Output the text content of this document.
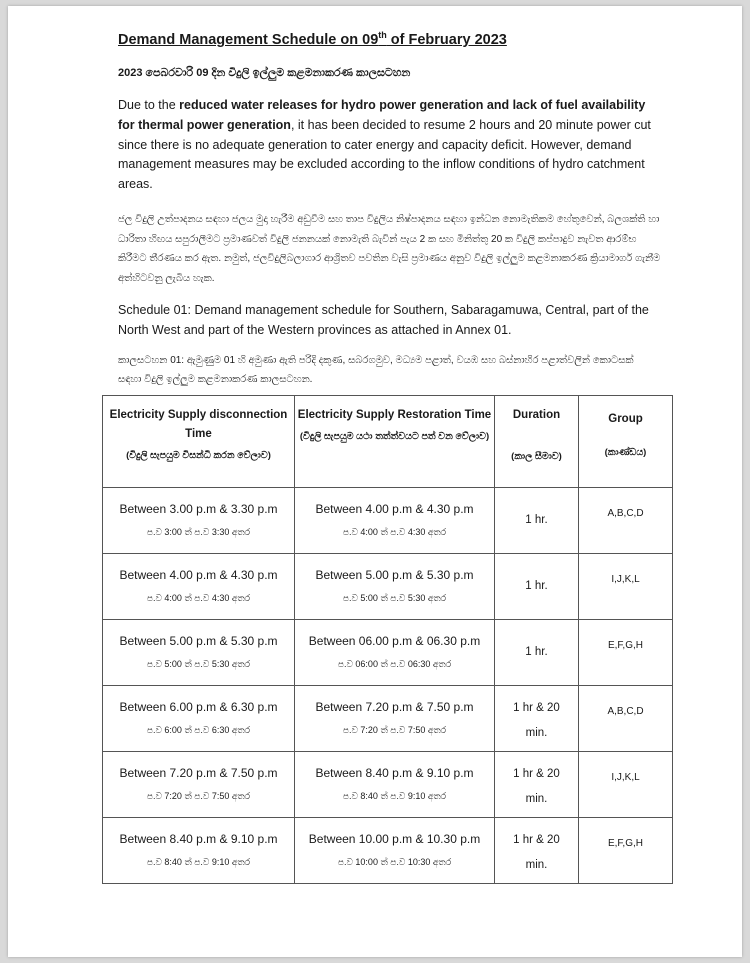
Demand Management Schedule on 09th of February 2023

2023 පෙබරවාරි 09 දින විදුලි ඉල්ලුම කළමනාකරණ කාලසටහන

Due to the reduced water releases for hydro power generation and lack of fuel availability for thermal power generation, it has been decided to resume 2 hours and 20 minute power cut since there is no adequate generation to cater energy and capacity deficit. However, demand management measures may be excluded according to the inflow conditions of hydro catchment areas.

ජල විදුලි උත්පාදනය සඳහා ජලය මුදා හැරීම අඩුවීම සහ තාප විදුලිය නිෂ්පාදනය සඳහා ඉන්ධන නොමැතිකම හේතුවෙන්, බලශක්ති හා ධාරිතා හිඟය සපුරාලීමට ප්‍රමාණවත් විදුලි ජනනයක් නොමැති බැවින් පැය 2 ක සහ මිනිත්තු 20 ක විදුලි කප්පාදුව නැවත ආරම්භ කිරීමට තීරණය කර ඇත. නමුත්, ජලවිදුලිබලාගාර ආශ්‍රිතව පවතින වැසි ප්‍රමාණය අනුව විදුලි ඉල්ලුම කළමනාකරණ ක්‍රියාමාර්ග ගැනීම අත්හිටවනු ලැබිය හැක.

Schedule 01: Demand management schedule for Southern, Sabaragamuwa, Central, part of the North West and part of the Western provinces as attached in Annex 01.

කාලසටහන 01: ඇමුණුම 01 හි අමුණා ඇති පරිදි දකුණ, සබරගමුව, මධ්‍යම පළාත්, වයඹ සහ බස්නාහිර පළාත්වලින් කොටසක් සඳහා විදුලි ඉල්ලුම කළමනාකරණ කාලසටහන.

Electricity Supply disconnection Time
(විදුලි සැපයුම විසන්ධි කරන වේලාව)	Electricity Supply Restoration Time
(විදුලි සැපයුම යථා තත්ත්වයට පත් වන වේලාව)	Duration
(කාල සීමාව)	Group
(කාණ්ඩය)

Between 3.00 p.m & 3.30 p.m
ප.ව 3:00 ත් ප.ව 3:30 අතර	Between 4.00 p.m & 4.30 p.m
ප.ව 4:00 ත් ප.ව 4:30 අතර	1 hr.	A,B,C,D

Between 4.00 p.m & 4.30 p.m
ප.ව 4:00 ත් ප.ව 4:30 අතර	Between 5.00 p.m & 5.30 p.m
ප.ව 5:00 ත් ප.ව 5:30 අතර	1 hr.	I,J,K,L

Between 5.00 p.m & 5.30 p.m
ප.ව 5:00 ත් ප.ව 5:30 අතර	Between 06.00 p.m & 06.30 p.m
ප.ව 06:00 ත් ප.ව 06:30 අතර	1 hr.	E,F,G,H

Between 6.00 p.m & 6.30 p.m
ප.ව 6:00 ත් ප.ව 6:30 අතර	Between 7.20 p.m & 7.50 p.m
ප.ව 7:20 ත් ප.ව 7:50 අතර	1 hr & 20
min.	A,B,C,D

Between 7.20 p.m & 7.50 p.m
ප.ව 7:20 ත් ප.ව 7:50 අතර	Between 8.40 p.m & 9.10 p.m
ප.ව 8:40 ත් ප.ව 9:10 අතර	1 hr & 20
min.	I,J,K,L

Between 8.40 p.m & 9.10 p.m
ප.ව 8:40 ත් ප.ව 9:10 අතර	Between 10.00 p.m & 10.30 p.m
ප.ව 10:00 ත් ප.ව 10:30 අතර	1 hr & 20
min.	E,F,G,H
